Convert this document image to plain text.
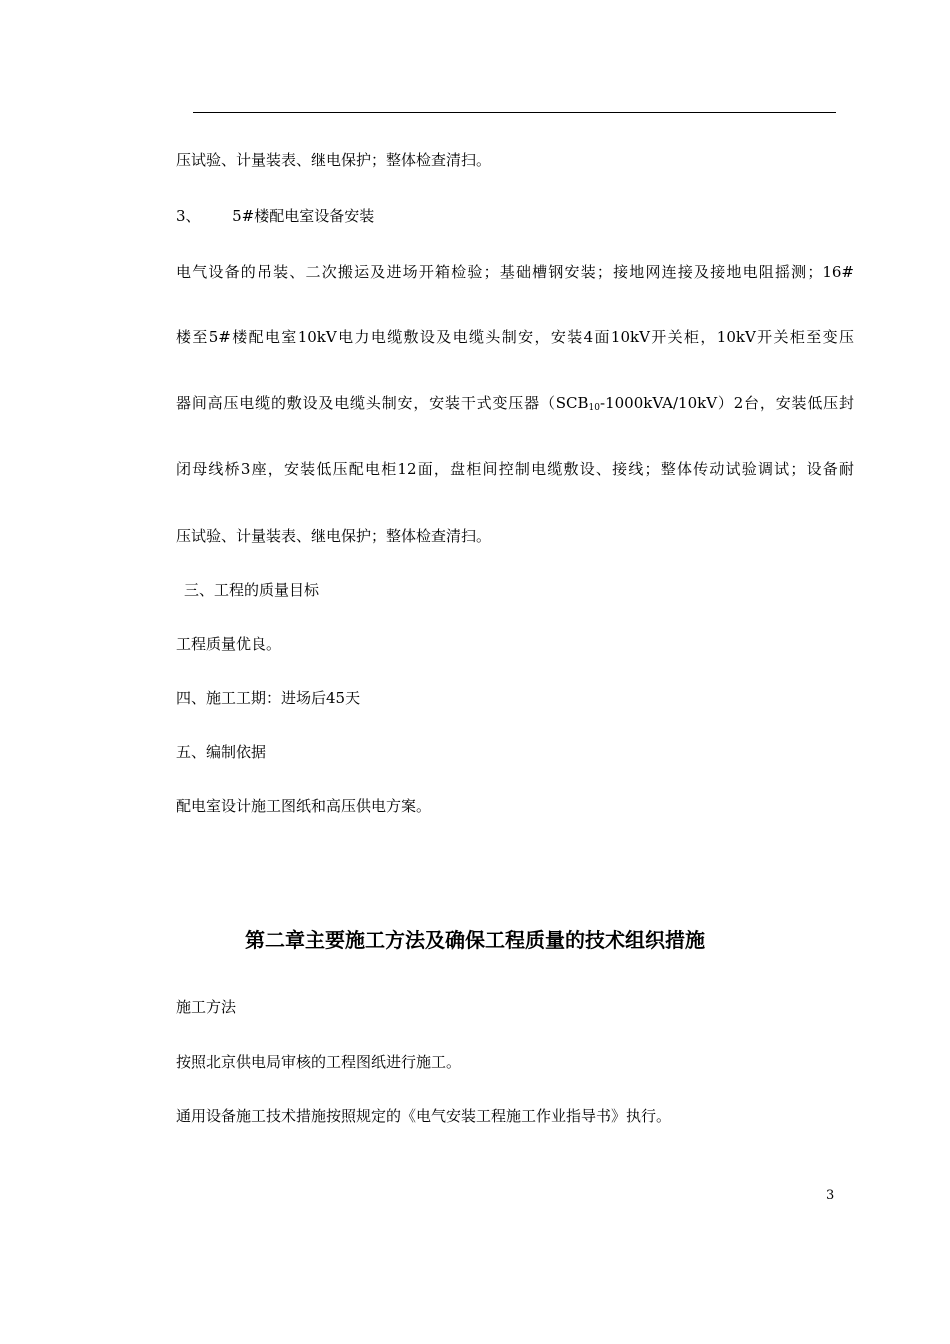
压试验、计量装表、继电保护；整体检查清扫。
3、 5#楼配电室设备安装
电气设备的吊装、二次搬运及进场开箱检验；基础槽钢安装；接地网连接及接地电阻摇测；16#
楼至5#楼配电室10kV电力电缆敷设及电缆头制安，安装4面10kV开关柜，10kV开关柜至变压
器间高压电缆的敷设及电缆头制安，安装干式变压器$(SCB_{10}-1000kVA/10kV)2$台，安装低压封
闭母线桥3座，安装低压配电柜12面，盘柜间控制电缆敷设、接线；整体传动试验调试；设备耐
压试验、计量装表、继电保护；整体检查清扫。
三、工程的质量目标
工程质量优良。
四、施工工期：进场后45天
五、编制依据
配电室设计施工图纸和高压供电方案。
第二章主要施工方法及确保工程质量的技术组织措施
施工方法
按照北京供电局审核的工程图纸进行施工。
通用设备施工技术措施按照规定的《电气安装工程施工作业指导书》执行。
3
